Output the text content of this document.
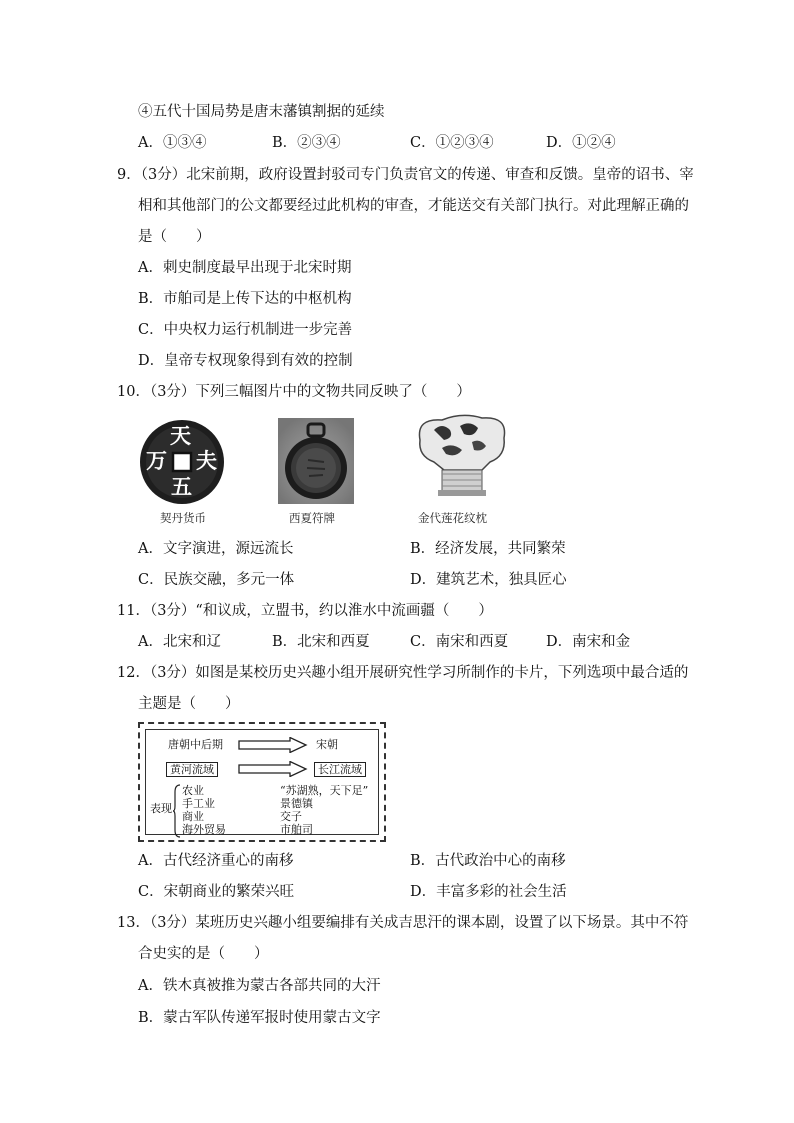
④五代十国局势是唐末藩镇割据的延续
A．①③④	B．②③④	C．①②③④	D．①②④
9．（3分）北宋前期，政府设置封驳司专门负责官文的传递、审查和反馈。皇帝的诏书、宰
相和其他部门的公文都要经过此机构的审查，才能送交有关部门执行。对此理解正确的
是（　　）
A．刺史制度最早出现于北宋时期
B．市舶司是上传下达的中枢机构
C．中央权力运行机制进一步完善
D．皇帝专权现象得到有效的控制
10．（3分）下列三幅图片中的文物共同反映了（　　）
天
夫
五
万
契丹货币	西夏符牌	金代莲花纹枕
A．文字演进，源远流长	B．经济发展，共同繁荣
C．民族交融，多元一体	D．建筑艺术，独具匠心
11．（3分）“和议成，立盟书，约以淮水中流画疆（　　）
A．北宋和辽	B．北宋和西夏	C．南宋和西夏	D．南宋和金
12．（3分）如图是某校历史兴趣小组开展研究性学习所制作的卡片，下列选项中最合适的
主题是（　　）
唐朝中后期	宋朝
黄河流域	长江流域
表现
农业
手工业
商业
海外贸易
“苏湖熟，天下足”
景德镇
交子
市舶司
A．古代经济重心的南移	B．古代政治中心的南移
C．宋朝商业的繁荣兴旺	D．丰富多彩的社会生活
13．（3分）某班历史兴趣小组要编排有关成吉思汗的课本剧，设置了以下场景。其中不符
合史实的是（　　）
A．铁木真被推为蒙古各部共同的大汗
B．蒙古军队传递军报时使用蒙古文字
